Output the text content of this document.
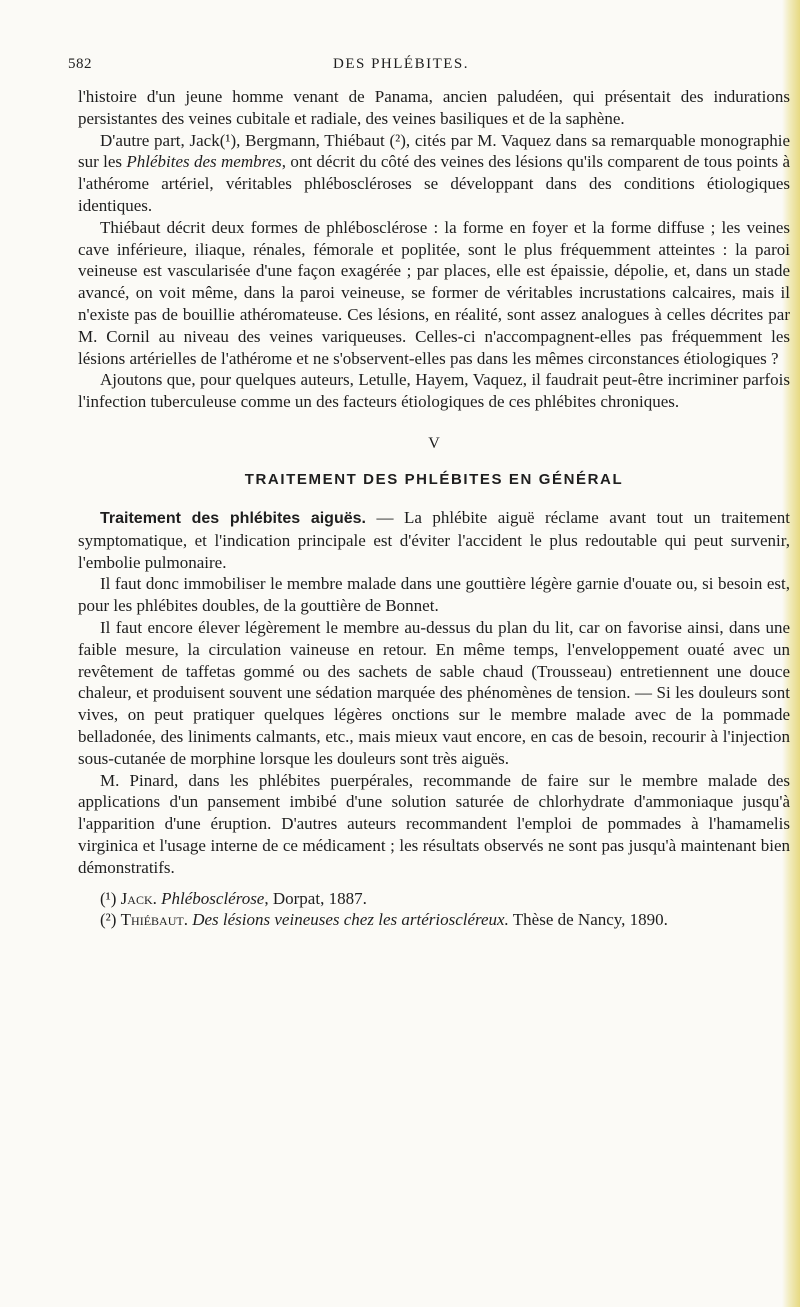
582	DES PHLÉBITES.

l'histoire d'un jeune homme venant de Panama, ancien paludéen, qui présentait des indurations persistantes des veines cubitale et radiale, des veines basiliques et de la saphène.

D'autre part, Jack(¹), Bergmann, Thiébaut (²), cités par M. Vaquez dans sa remarquable monographie sur les Phlébites des membres, ont décrit du côté des veines des lésions qu'ils comparent de tous points à l'athérome artériel, véritables phléboscléroses se développant dans des conditions étiologiques identiques.

Thiébaut décrit deux formes de phlébosclérose : la forme en foyer et la forme diffuse ; les veines cave inférieure, iliaque, rénales, fémorale et poplitée, sont le plus fréquemment atteintes : la paroi veineuse est vascularisée d'une façon exagérée ; par places, elle est épaissie, dépolie, et, dans un stade avancé, on voit même, dans la paroi veineuse, se former de véritables incrustations calcaires, mais il n'existe pas de bouillie athéromateuse. Ces lésions, en réalité, sont assez analogues à celles décrites par M. Cornil au niveau des veines variqueuses. Celles-ci n'accompagnent-elles pas fréquemment les lésions artérielles de l'athérome et ne s'observent-elles pas dans les mêmes circonstances étiologiques ?

Ajoutons que, pour quelques auteurs, Letulle, Hayem, Vaquez, il faudrait peut-être incriminer parfois l'infection tuberculeuse comme un des facteurs étiologiques de ces phlébites chroniques.

V
TRAITEMENT DES PHLÉBITES EN GÉNÉRAL

Traitement des phlébites aiguës. — La phlébite aiguë réclame avant tout un traitement symptomatique, et l'indication principale est d'éviter l'accident le plus redoutable qui peut survenir, l'embolie pulmonaire.

Il faut donc immobiliser le membre malade dans une gouttière légère garnie d'ouate ou, si besoin est, pour les phlébites doubles, de la gouttière de Bonnet.

Il faut encore élever légèrement le membre au-dessus du plan du lit, car on favorise ainsi, dans une faible mesure, la circulation vaineuse en retour. En même temps, l'enveloppement ouaté avec un revêtement de taffetas gommé ou des sachets de sable chaud (Trousseau) entretiennent une douce chaleur, et produisent souvent une sédation marquée des phénomènes de tension. — Si les douleurs sont vives, on peut pratiquer quelques légères onctions sur le membre malade avec de la pommade belladonée, des liniments calmants, etc., mais mieux vaut encore, en cas de besoin, recourir à l'injection sous-cutanée de morphine lorsque les douleurs sont très aiguës.

M. Pinard, dans les phlébites puerpérales, recommande de faire sur le membre malade des applications d'un pansement imbibé d'une solution saturée de chlorhydrate d'ammoniaque jusqu'à l'apparition d'une éruption. D'autres auteurs recommandent l'emploi de pommades à l'hamamelis virginica et l'usage interne de ce médicament ; les résultats observés ne sont pas jusqu'à maintenant bien démonstratifs.

(¹) Jack. Phlébosclérose, Dorpat, 1887.

(²) Thiébaut. Des lésions veineuses chez les artérioscléreux. Thèse de Nancy, 1890.
